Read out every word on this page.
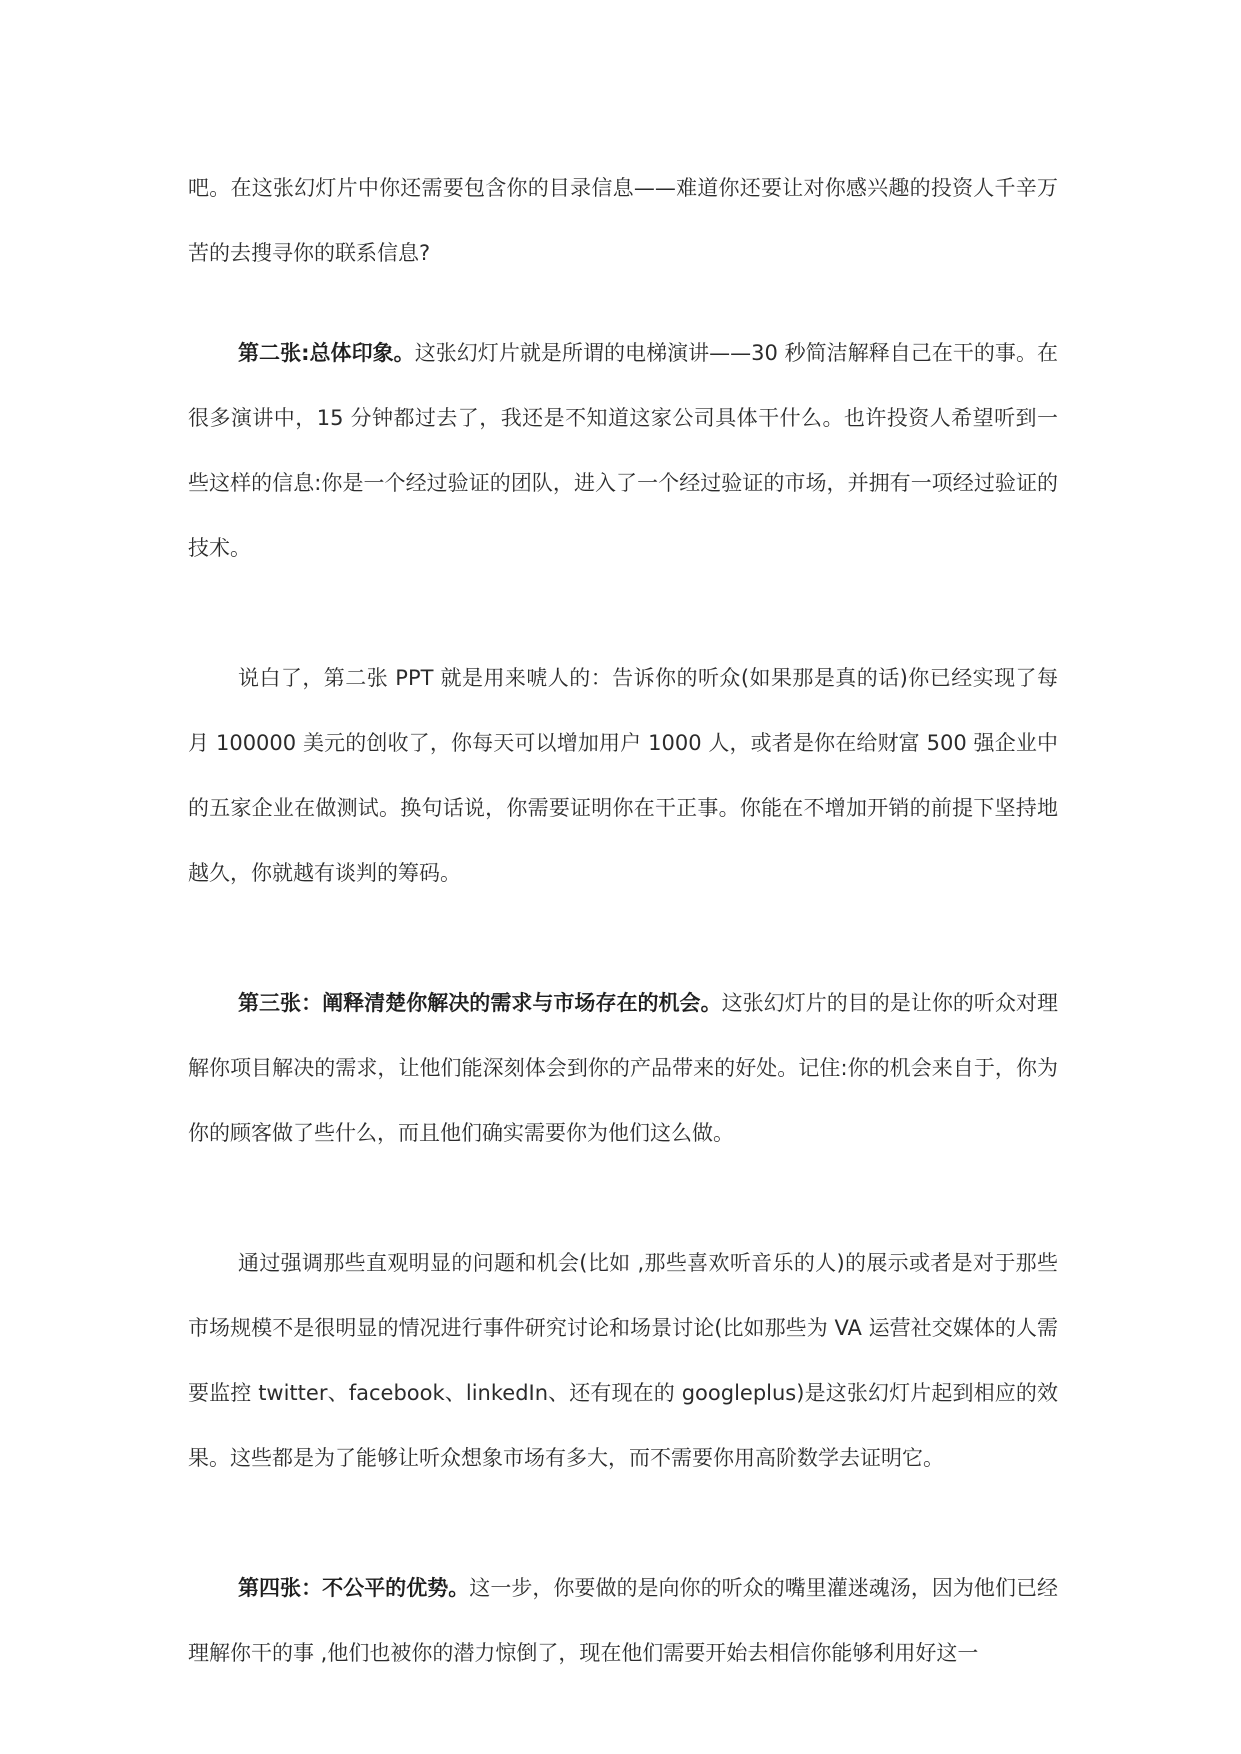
吧。在这张幻灯片中你还需要包含你的目录信息——难道你还要让对你感兴趣的投资人千辛万苦的去搜寻你的联系信息?

第二张:总体印象。这张幻灯片就是所谓的电梯演讲——30 秒简洁解释自己在干的事。在很多演讲中，15 分钟都过去了，我还是不知道这家公司具体干什么。也许投资人希望听到一些这样的信息:你是一个经过验证的团队，进入了一个经过验证的市场，并拥有一项经过验证的技术。

说白了，第二张 PPT 就是用来唬人的：告诉你的听众(如果那是真的话)你已经实现了每月 100000 美元的创收了，你每天可以增加用户 1000 人，或者是你在给财富 500 强企业中的五家企业在做测试。换句话说，你需要证明你在干正事。你能在不增加开销的前提下坚持地越久，你就越有谈判的筹码。

第三张：阐释清楚你解决的需求与市场存在的机会。这张幻灯片的目的是让你的听众对理解你项目解决的需求，让他们能深刻体会到你的产品带来的好处。记住:你的机会来自于，你为你的顾客做了些什么，而且他们确实需要你为他们这么做。

通过强调那些直观明显的问题和机会(比如 ,那些喜欢听音乐的人)的展示或者是对于那些市场规模不是很明显的情况进行事件研究讨论和场景讨论(比如那些为 VA 运营社交媒体的人需要监控 twitter、facebook、linkedIn、还有现在的 googleplus)是这张幻灯片起到相应的效果。这些都是为了能够让听众想象市场有多大，而不需要你用高阶数学去证明它。

第四张：不公平的优势。这一步，你要做的是向你的听众的嘴里灌迷魂汤，因为他们已经理解你干的事 ,他们也被你的潜力惊倒了，现在他们需要开始去相信你能够利用好这一
